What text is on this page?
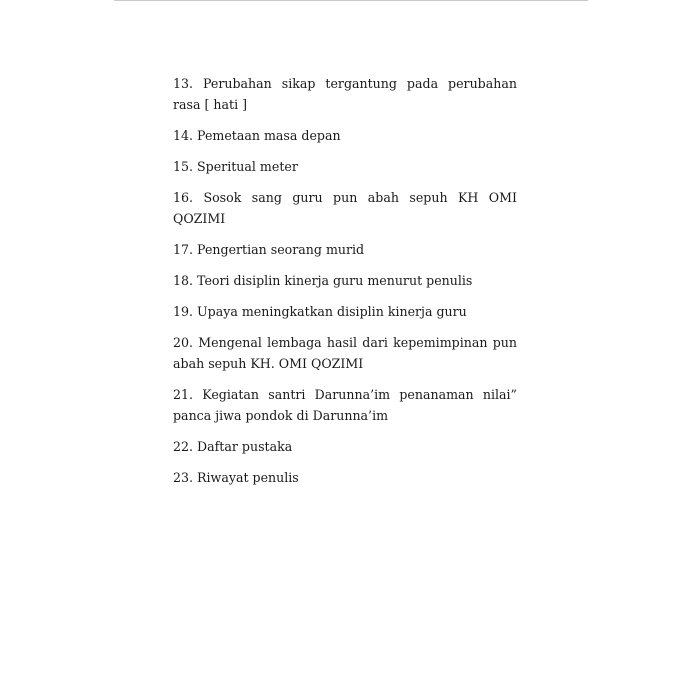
13. Perubahan sikap tergantung pada perubahan rasa [ hati ]

14. Pemetaan masa depan

15. Speritual meter

16. Sosok sang guru pun abah sepuh KH OMI QOZIMI

17. Pengertian seorang murid

18. Teori disiplin kinerja guru menurut penulis

19. Upaya meningkatkan disiplin kinerja guru

20. Mengenal lembaga hasil dari kepemimpinan pun abah sepuh KH. OMI QOZIMI

21. Kegiatan santri Darunna’im penanaman nilai” panca jiwa pondok di Darunna’im

22. Daftar pustaka

23. Riwayat penulis
